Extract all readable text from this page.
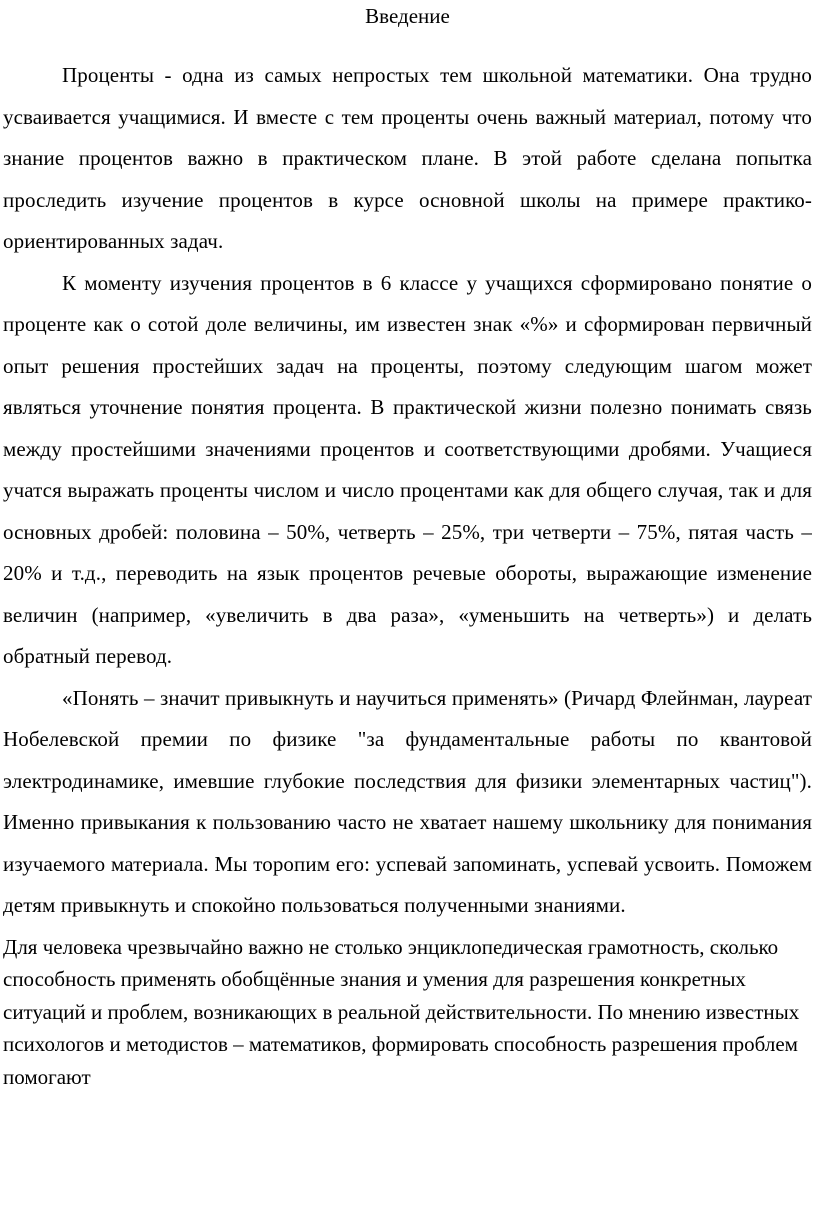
Введение

Проценты - одна из самых непростых тем школьной математики. Она трудно усваивается учащимися. И вместе с тем проценты очень важный материал, потому что знание процентов важно в практическом плане. В этой работе сделана попытка проследить изучение процентов в курсе основной школы на примере практико-ориентированных задач.

К моменту изучения процентов в 6 классе у учащихся сформировано понятие о проценте как о сотой доле величины, им известен знак «%» и сформирован первичный опыт решения простейших задач на проценты, поэтому следующим шагом может являться уточнение понятия процента. В практической жизни полезно понимать связь между простейшими значениями процентов и соответствующими дробями. Учащиеся учатся выражать проценты числом и число процентами как для общего случая, так и для основных дробей: половина – 50%, четверть – 25%, три четверти – 75%, пятая часть – 20% и т.д., переводить на язык процентов речевые обороты, выражающие изменение величин (например, «увеличить в два раза», «уменьшить на четверть») и делать обратный перевод.

«Понять – значит привыкнуть и научиться применять» (Ричард Флейнман, лауреат Нобелевской премии по физике "за фундаментальные работы по квантовой электродинамике, имевшие глубокие последствия для физики элементарных частиц"). Именно привыкания к пользованию часто не хватает нашему школьнику для понимания изучаемого материала. Мы торопим его: успевай запоминать, успевай усвоить. Поможем детям привыкнуть и спокойно пользоваться полученными знаниями.

Для человека чрезвычайно важно не столько энциклопедическая грамотность, сколько способность применять обобщённые знания и умения для разрешения конкретных ситуаций и проблем, возникающих в реальной действительности. По мнению известных психологов и методистов – математиков, формировать способность разрешения проблем помогают
